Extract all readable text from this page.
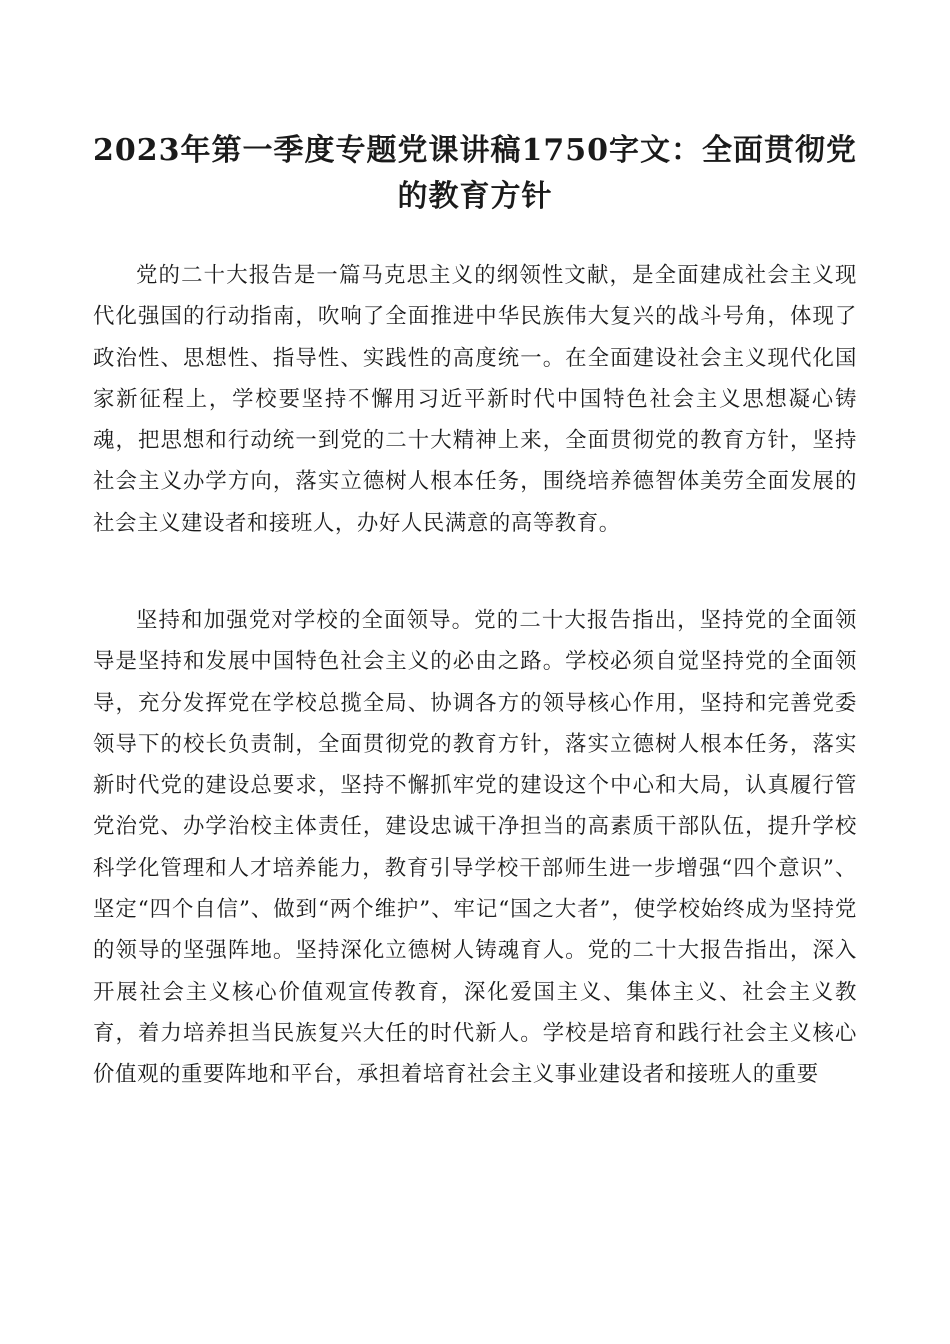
2023年第一季度专题党课讲稿1750字文：全面贯彻党的教育方针

党的二十大报告是一篇马克思主义的纲领性文献，是全面建成社会主义现代化强国的行动指南，吹响了全面推进中华民族伟大复兴的战斗号角，体现了政治性、思想性、指导性、实践性的高度统一。在全面建设社会主义现代化国家新征程上，学校要坚持不懈用习近平新时代中国特色社会主义思想凝心铸魂，把思想和行动统一到党的二十大精神上来，全面贯彻党的教育方针，坚持社会主义办学方向，落实立德树人根本任务，围绕培养德智体美劳全面发展的社会主义建设者和接班人，办好人民满意的高等教育。

坚持和加强党对学校的全面领导。党的二十大报告指出，坚持党的全面领导是坚持和发展中国特色社会主义的必由之路。学校必须自觉坚持党的全面领导，充分发挥党在学校总揽全局、协调各方的领导核心作用，坚持和完善党委领导下的校长负责制，全面贯彻党的教育方针，落实立德树人根本任务，落实新时代党的建设总要求，坚持不懈抓牢党的建设这个中心和大局，认真履行管党治党、办学治校主体责任，建设忠诚干净担当的高素质干部队伍，提升学校科学化管理和人才培养能力，教育引导学校干部师生进一步增强“四个意识”、坚定“四个自信”、做到“两个维护”、牢记“国之大者”，使学校始终成为坚持党的领导的坚强阵地。坚持深化立德树人铸魂育人。党的二十大报告指出，深入开展社会主义核心价值观宣传教育，深化爱国主义、集体主义、社会主义教育，着力培养担当民族复兴大任的时代新人。学校是培育和践行社会主义核心价值观的重要阵地和平台，承担着培育社会主义事业建设者和接班人的重要
